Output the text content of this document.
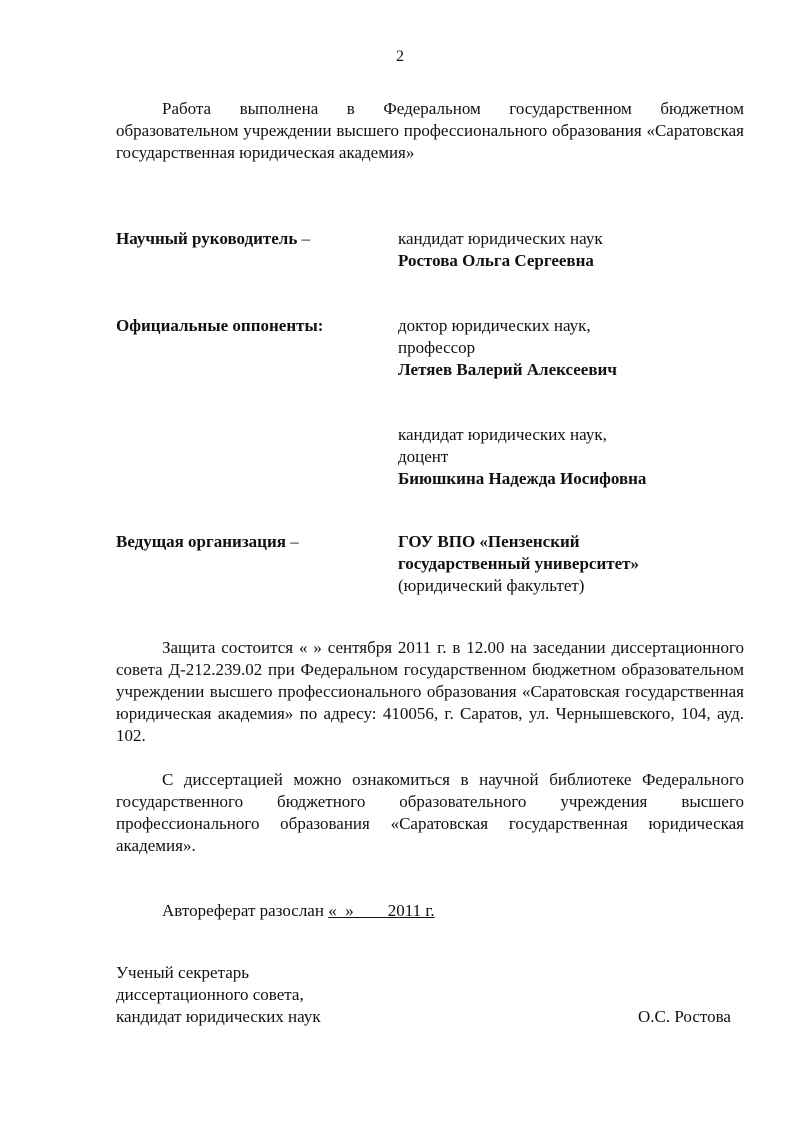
2

Работа выполнена в Федеральном государственном бюджетном образовательном учреждении высшего профессионального образования «Саратовская государственная юридическая академия»

Научный руководитель –	кандидат юридических наук
Ростова Ольга Сергеевна
Официальные оппоненты:	доктор юридических наук,
профессор
Летяев Валерий Алексеевич
кандидат юридических наук,
доцент
Биюшкина Надежда Иосифовна
Ведущая организация –	ГОУ ВПО «Пензенский
государственный университет»
(юридический факультет)

Защита состоится « » сентября 2011 г. в 12.00 на заседании диссертационного совета Д-212.239.02 при Федеральном государственном бюджетном образовательном учреждении высшего профессионального образования «Саратовская государственная юридическая академия» по адресу: 410056, г. Саратов, ул. Чернышевского, 104, ауд. 102.

С диссертацией можно ознакомиться в научной библиотеке Федерального государственного бюджетного образовательного учреждения высшего профессионального образования «Саратовская государственная юридическая академия».

Автореферат разослан «  »        2011 г.
Ученый секретарь
диссертационного совета,
кандидат юридических наук	О.С. Ростова
